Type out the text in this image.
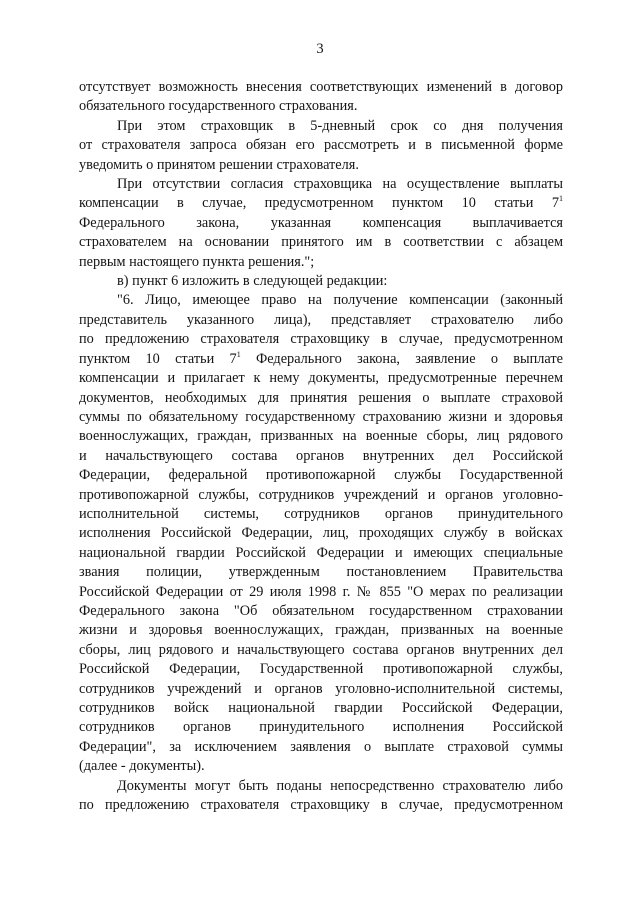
3

отсутствует возможность внесения соответствующих изменений в договор
обязательного государственного страхования.

При этом страховщик в 5-дневный срок со дня получения
от страхователя запроса обязан его рассмотреть и в письменной форме
уведомить о принятом решении страхователя.

При отсутствии согласия страховщика на осуществление выплаты
компенсации в случае, предусмотренном пунктом 10 статьи $7^1$
Федерального закона, указанная компенсация выплачивается
страхователем на основании принятого им в соответствии с абзацем
первым настоящего пункта решения.";

в) пункт 6 изложить в следующей редакции:

"6. Лицо, имеющее право на получение компенсации (законный
представитель указанного лица), представляет страхователю либо
по предложению страхователя страховщику в случае, предусмотренном
пунктом 10 статьи $7^1$ Федерального закона, заявление о выплате
компенсации и прилагает к нему документы, предусмотренные перечнем
документов, необходимых для принятия решения о выплате страховой
суммы по обязательному государственному страхованию жизни и здоровья
военнослужащих, граждан, призванных на военные сборы, лиц рядового
и начальствующего состава органов внутренних дел Российской
Федерации, федеральной противопожарной службы Государственной
противопожарной службы, сотрудников учреждений и органов уголовно-
исполнительной системы, сотрудников органов принудительного
исполнения Российской Федерации, лиц, проходящих службу в войсках
национальной гвардии Российской Федерации и имеющих специальные
звания полиции, утвержденным постановлением Правительства
Российской Федерации от 29 июля 1998 г. № 855 "О мерах по реализации
Федерального закона "Об обязательном государственном страховании
жизни и здоровья военнослужащих, граждан, призванных на военные
сборы, лиц рядового и начальствующего состава органов внутренних дел
Российской Федерации, Государственной противопожарной службы,
сотрудников учреждений и органов уголовно-исполнительной системы,
сотрудников войск национальной гвардии Российской Федерации,
сотрудников органов принудительного исполнения Российской
Федерации", за исключением заявления о выплате страховой суммы
(далее - документы).

Документы могут быть поданы непосредственно страхователю либо
по предложению страхователя страховщику в случае, предусмотренном
